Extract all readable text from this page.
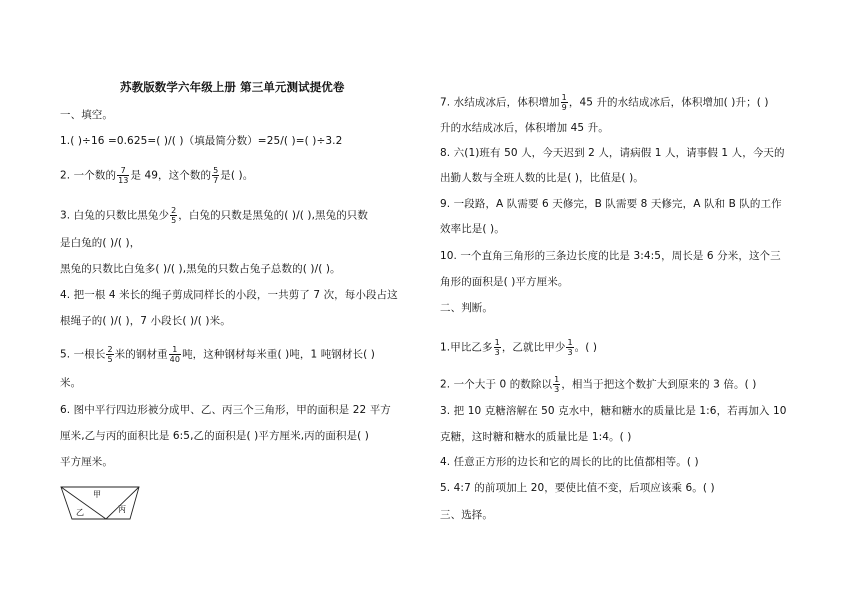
苏教版数学六年级上册 第三单元测试提优卷
一、填空。
1.( )÷16 =0.625=( )/( )（填最简分数）=25/( )=( )÷3.2
2. 一个数的 $\frac{7}{13}$ 是 49，这个数的 $\frac{5}{7}$ 是( )。
3. 白兔的只数比黑兔少 $\frac{2}{5}$ ，白兔的只数是黑兔的( )/( ),黑兔的只数
是白兔的( )/( )，
黑兔的只数比白兔多( )/( ),黑兔的只数占兔子总数的( )/( )。
4. 把一根 4 米长的绳子剪成同样长的小段，一共剪了 7 次，每小段占这
根绳子的( )/( )，7 小段长( )/( )米。
5. 一根长 $\frac{2}{5}$ 米的钢材重 $\frac{1}{40}$ 吨，这种钢材每米重( )吨，1 吨钢材长( )
米。
6. 图中平行四边形被分成甲、乙、丙三个三角形，甲的面积是 22 平方
厘米,乙与丙的面积比是 6:5,乙的面积是( )平方厘米,丙的面积是( )
平方厘米。
甲
乙	丙
7. 水结成冰后，体积增加 $\frac{1}{9}$ ，45 升的水结成冰后，体积增加( )升；( )
升的水结成冰后，体积增加 45 升。
8. 六(1)班有 50 人，今天迟到 2 人，请病假 1 人，请事假 1 人，今天的
出勤人数与全班人数的比是( )，比值是( )。
9. 一段路，A 队需要 6 天修完，B 队需要 8 天修完，A 队和 B 队的工作
效率比是( )。
10. 一个直角三角形的三条边长度的比是 3:4:5，周长是 6 分米，这个三
角形的面积是( )平方厘米。
二、判断。
1.甲比乙多 $\frac{1}{3}$ ，乙就比甲少 $\frac{1}{3}$ 。( )
2. 一个大于 0 的数除以 $\frac{1}{3}$ ，相当于把这个数扩大到原来的 3 倍。( )
3. 把 10 克糖溶解在 50 克水中，糖和糖水的质量比是 1:6，若再加入 10
克糖，这时糖和糖水的质量比是 1:4。( )
4. 任意正方形的边长和它的周长的比的比值都相等。( )
5. 4:7 的前项加上 20，要使比值不变，后项应该乘 6。( )
三、选择。
